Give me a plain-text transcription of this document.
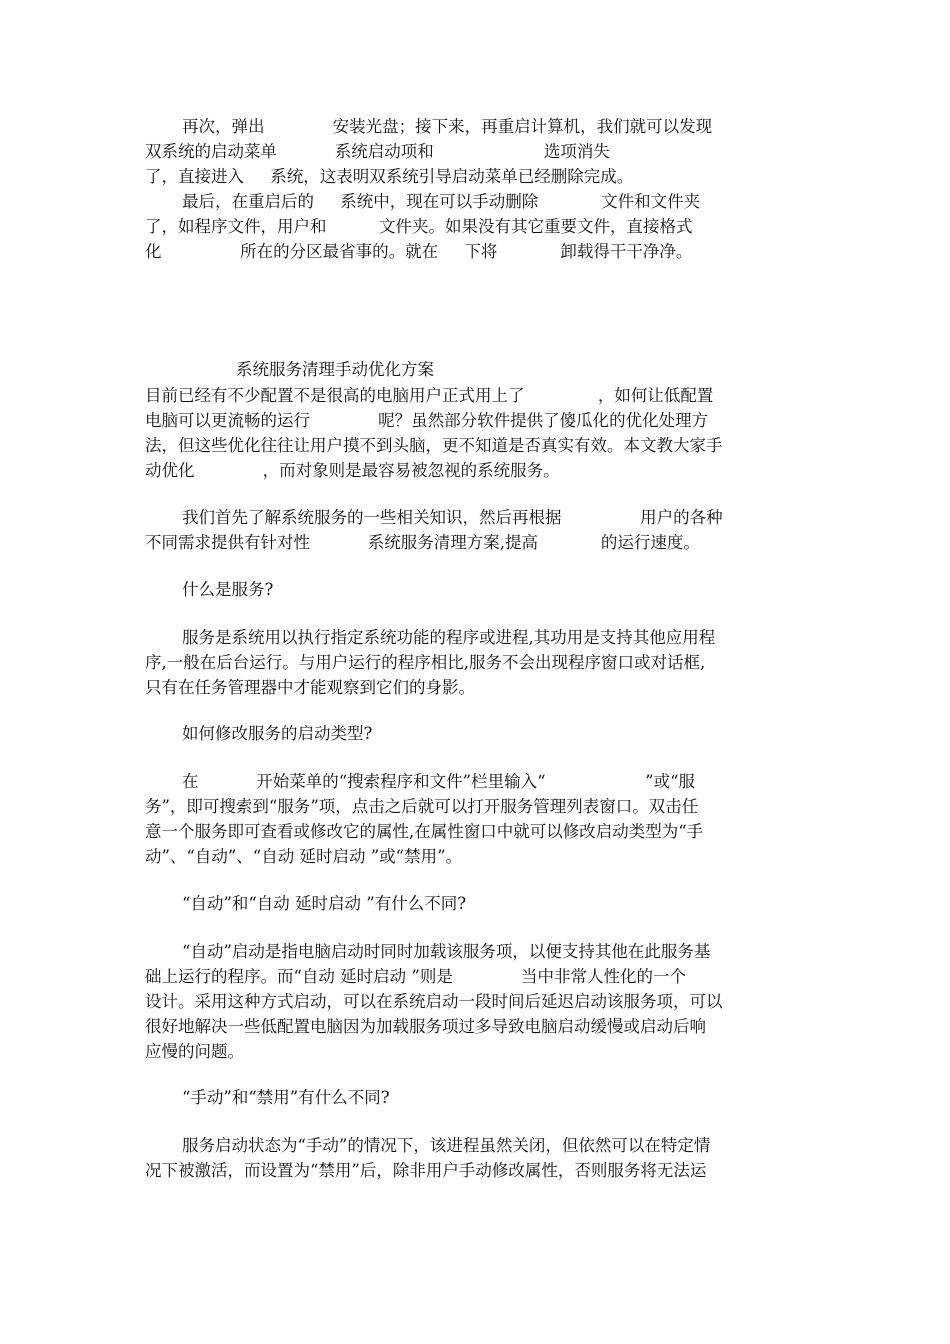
再次，弹出             安装光盘；接下来，再重启计算机，我们就可以发现
双系统的启动菜单           系统启动项和                     选项消失
了，直接进入     系统，这表明双系统引导启动菜单已经删除完成。
最后，在重启后的     系统中，现在可以手动删除            文件和文件夹
了，如程序文件，用户和          文件夹。如果没有其它重要文件，直接格式
化               所在的分区最省事的。就在     下将            卸载得干干净净。
系统服务清理手动优化方案
目前已经有不少配置不是很高的电脑用户正式用上了              ，如何让低配置
电脑可以更流畅的运行             呢？虽然部分软件提供了傻瓜化的优化处理方
法，但这些优化往往让用户摸不到头脑，更不知道是否真实有效。本文教大家手
动优化             ，而对象则是最容易被忽视的系统服务。
我们首先了解系统服务的一些相关知识，然后再根据               用户的各种
不同需求提供有针对性           系统服务清理方案,提高            的运行速度。
什么是服务?
服务是系统用以执行指定系统功能的程序或进程,其功用是支持其他应用程
序,一般在后台运行。与用户运行的程序相比,服务不会出现程序窗口或对话框,
只有在任务管理器中才能观察到它们的身影。
如何修改服务的启动类型?
在           开始菜单的“搜索程序和文件”栏里输入“                   ”或“服
务”，即可搜索到“服务”项，点击之后就可以打开服务管理列表窗口。双击任
意一个服务即可查看或修改它的属性,在属性窗口中就可以修改启动类型为“手
动”、“自动”、“自动 延时启动 ”或“禁用”。
“自动”和“自动 延时启动 ”有什么不同?
“自动”启动是指电脑启动时同时加载该服务项，以便支持其他在此服务基
础上运行的程序。而“自动 延时启动 ”则是             当中非常人性化的一个
设计。采用这种方式启动，可以在系统启动一段时间后延迟启动该服务项，可以
很好地解决一些低配置电脑因为加载服务项过多导致电脑启动缓慢或启动后响
应慢的问题。
“手动”和“禁用”有什么不同?
服务启动状态为“手动”的情况下，该进程虽然关闭，但依然可以在特定情
况下被激活，而设置为“禁用”后，除非用户手动修改属性，否则服务将无法运
